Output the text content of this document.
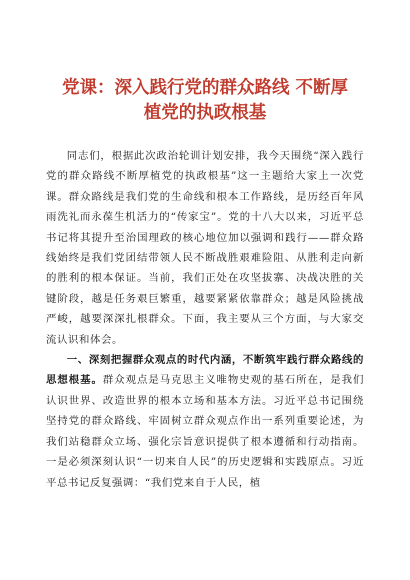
党课：深入践行党的群众路线 不断厚
植党的执政根基

同志们，根据此次政治轮训计划安排，我今天围绕“深入践行党的群众路线不断厚植党的执政根基”这一主题给大家上一次党课。群众路线是我们党的生命线和根本工作路线，是历经百年风雨洗礼而永葆生机活力的“传家宝”。党的十八大以来，习近平总书记将其提升至治国理政的核心地位加以强调和践行——群众路线始终是我们党团结带领人民不断战胜艰难险阻、从胜利走向新的胜利的根本保证。当前，我们正处在攻坚拔寨、决战决胜的关键阶段，越是任务艰巨繁重，越要紧紧依靠群众；越是风险挑战严峻，越要深深扎根群众。下面，我主要从三个方面，与大家交流认识和体会。

一、深刻把握群众观点的时代内涵，不断筑牢践行群众路线的思想根基。群众观点是马克思主义唯物史观的基石所在，是我们认识世界、改造世界的根本立场和基本方法。习近平总书记围绕坚持党的群众路线、牢固树立群众观点作出一系列重要论述，为我们站稳群众立场、强化宗旨意识提供了根本遵循和行动指南。一是必须深刻认识“一切来自人民”的历史逻辑和实践原点。习近平总书记反复强调：“我们党来自于人民，植
